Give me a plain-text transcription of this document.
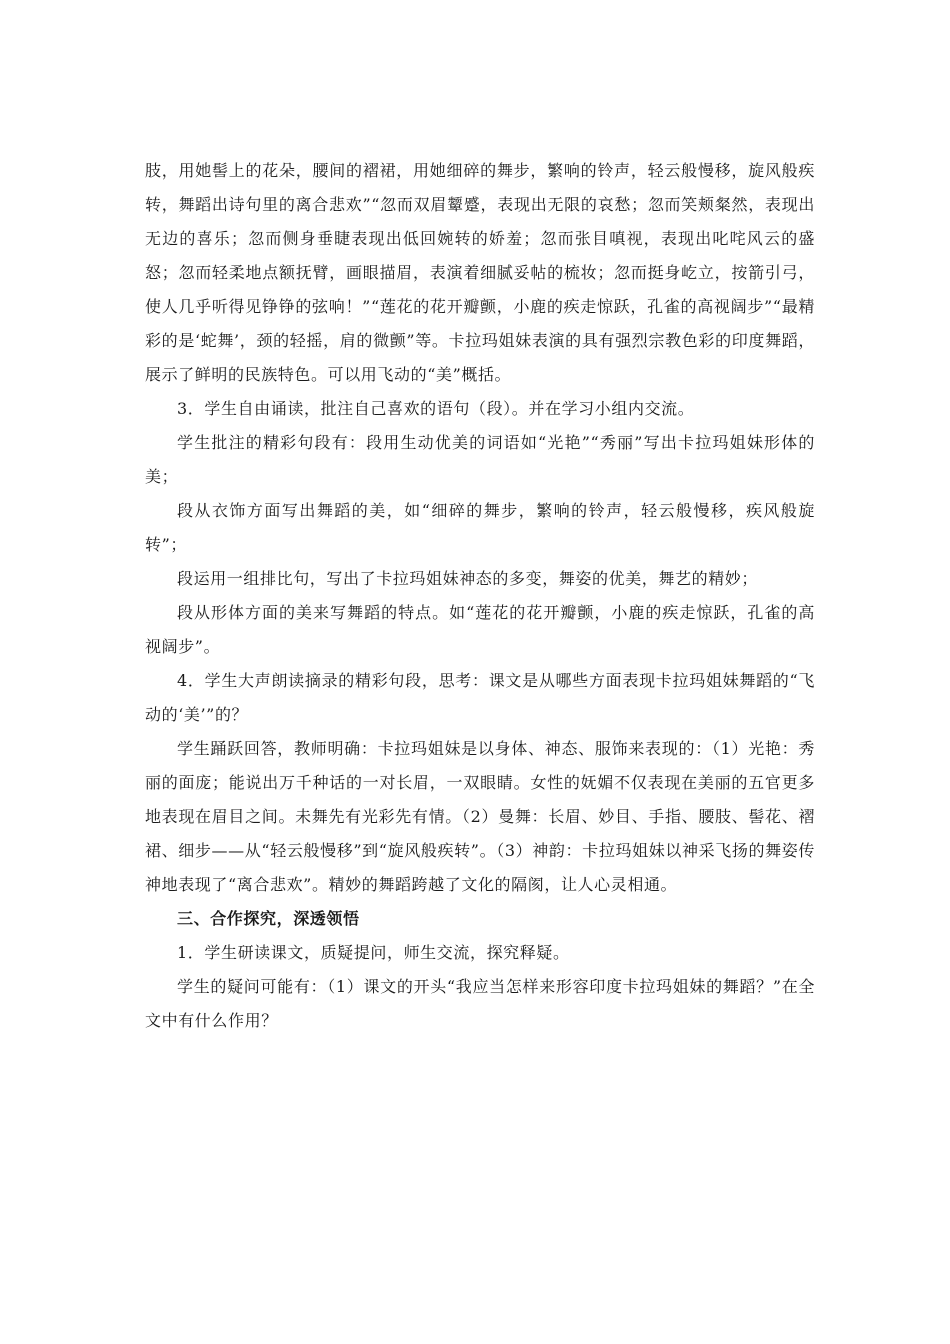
肢，用她髻上的花朵，腰间的褶裙，用她细碎的舞步，繁响的铃声，轻云般慢移，旋风般疾转，舞蹈出诗句里的离合悲欢”“忽而双眉颦蹙，表现出无限的哀愁；忽而笑颊粲然，表现出无边的喜乐；忽而侧身垂睫表现出低回婉转的娇羞；忽而张目嗔视，表现出叱咤风云的盛怒；忽而轻柔地点额抚臂，画眼描眉，表演着细腻妥帖的梳妆；忽而挺身屹立，按箭引弓，使人几乎听得见铮铮的弦响！”“莲花的花开瓣颤，小鹿的疾走惊跃，孔雀的高视阔步”“最精彩的是‘蛇舞’，颈的轻摇，肩的微颤”等。卡拉玛姐妹表演的具有强烈宗教色彩的印度舞蹈，展示了鲜明的民族特色。可以用飞动的“美”概括。

3．学生自由诵读，批注自己喜欢的语句（段）。并在学习小组内交流。

学生批注的精彩句段有：段用生动优美的词语如“光艳”“秀丽”写出卡拉玛姐妹形体的美；

段从衣饰方面写出舞蹈的美，如“细碎的舞步，繁响的铃声，轻云般慢移，疾风般旋转”；

段运用一组排比句，写出了卡拉玛姐妹神态的多变，舞姿的优美，舞艺的精妙；

段从形体方面的美来写舞蹈的特点。如“莲花的花开瓣颤，小鹿的疾走惊跃，孔雀的高视阔步”。

4．学生大声朗读摘录的精彩句段，思考：课文是从哪些方面表现卡拉玛姐妹舞蹈的“飞动的‘美’”的？

学生踊跃回答，教师明确：卡拉玛姐妹是以身体、神态、服饰来表现的：（1）光艳：秀丽的面庞；能说出万千种话的一对长眉，一双眼睛。女性的妩媚不仅表现在美丽的五官更多地表现在眉目之间。未舞先有光彩先有情。（2）曼舞：长眉、妙目、手指、腰肢、髻花、褶裙、细步——从“轻云般慢移”到“旋风般疾转”。（3）神韵：卡拉玛姐妹以神采飞扬的舞姿传神地表现了“离合悲欢”。精妙的舞蹈跨越了文化的隔阂，让人心灵相通。

三、合作探究，深透领悟

1．学生研读课文，质疑提问，师生交流，探究释疑。

学生的疑问可能有：（1）课文的开头“我应当怎样来形容印度卡拉玛姐妹的舞蹈？”在全文中有什么作用？
